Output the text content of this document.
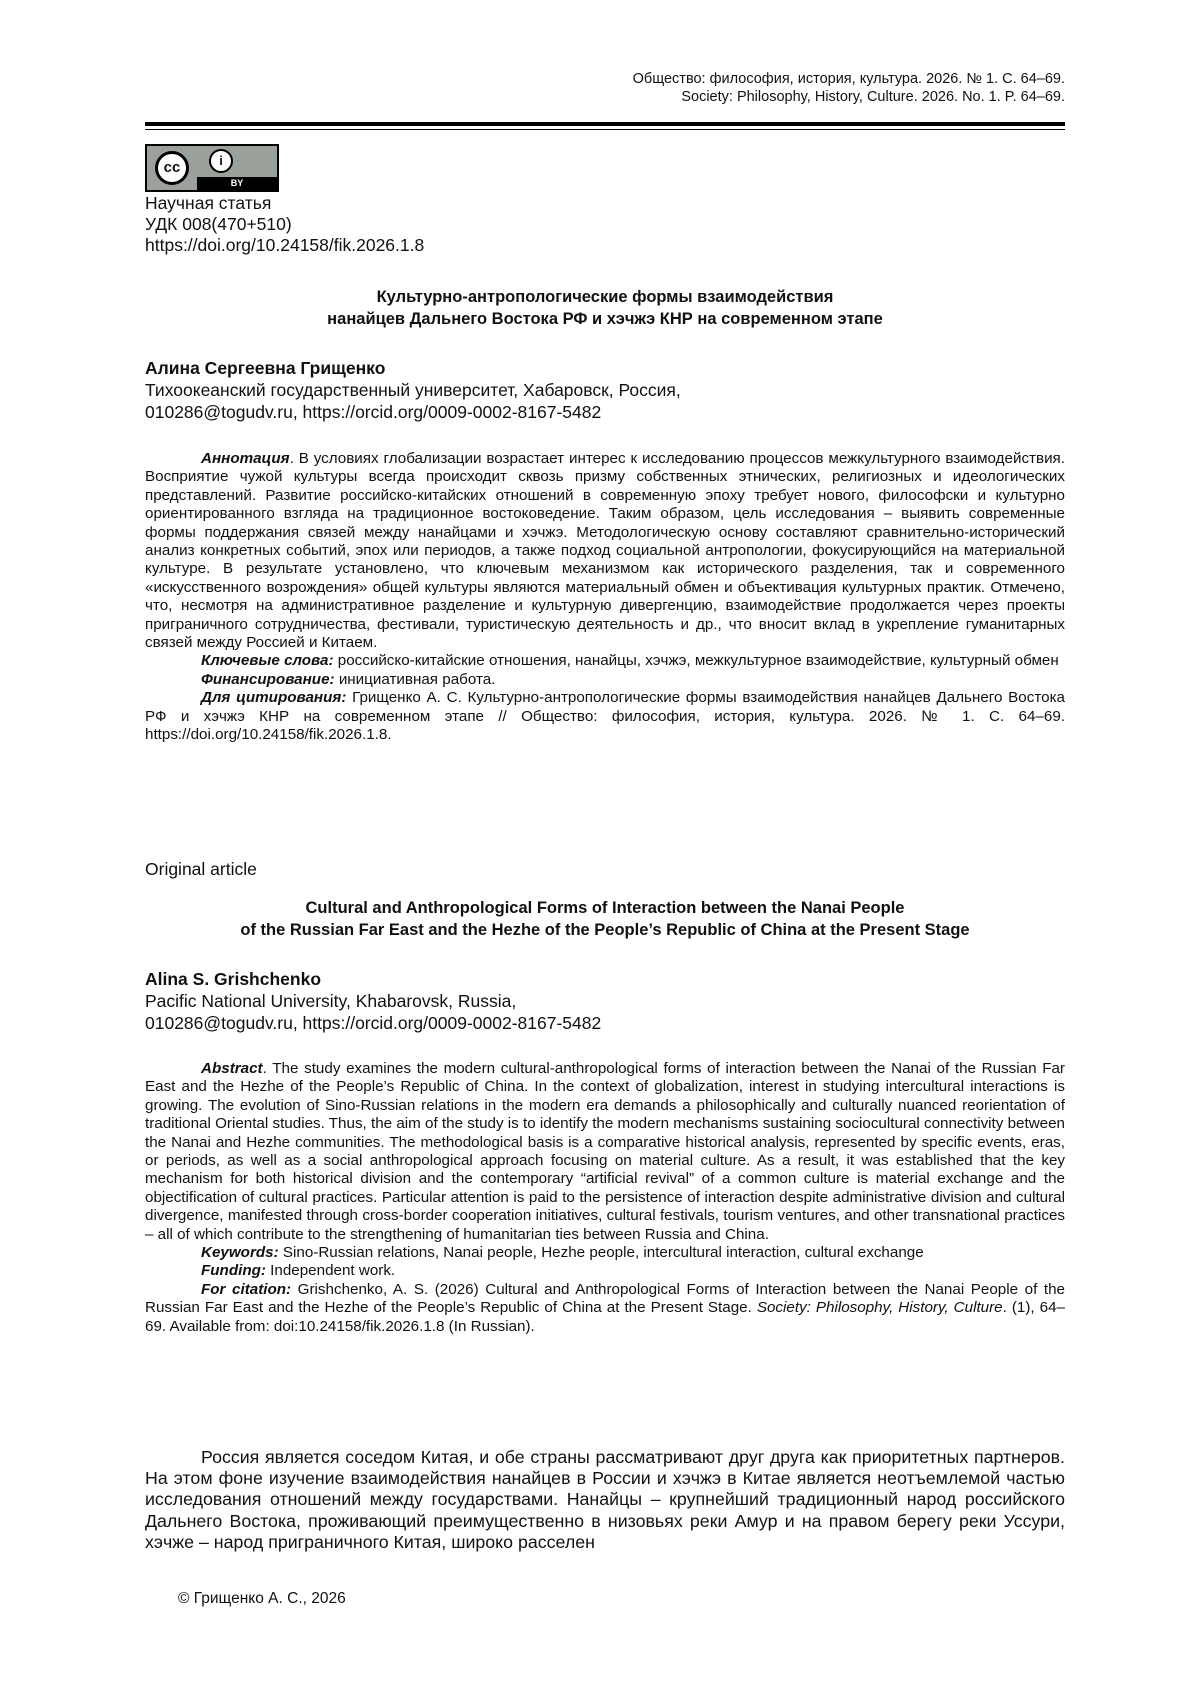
Общество: философия, история, культура. 2026. № 1. С. 64–69.
Society: Philosophy, History, Culture. 2026. No. 1. P. 64–69.
cc	i
BY
Научная статья
УДК 008(470+510)
https://doi.org/10.24158/fik.2026.1.8
Культурно-антропологические формы взаимодействия
нанайцев Дальнего Востока РФ и хэчжэ КНР на современном этапе
Алина Сергеевна Грищенко
Тихоокеанский государственный университет, Хабаровск, Россия,
010286@togudv.ru, https://orcid.org/0009-0002-8167-5482

Аннотация. В условиях глобализации возрастает интерес к исследованию процессов межкультурного взаимодействия. Восприятие чужой культуры всегда происходит сквозь призму собственных этнических, религиозных и идеологических представлений. Развитие российско-китайских отношений в современную эпоху требует нового, философски и культурно ориентированного взгляда на традиционное востоковедение. Таким образом, цель исследования – выявить современные формы поддержания связей между нанайцами и хэчжэ. Методологическую основу составляют сравнительно-исторический анализ конкретных событий, эпох или периодов, а также подход социальной антропологии, фокусирующийся на материальной культуре. В результате установлено, что ключевым механизмом как исторического разделения, так и современного «искусственного возрождения» общей культуры являются материальный обмен и объективация культурных практик. Отмечено, что, несмотря на административное разделение и культурную дивергенцию, взаимодействие продолжается через проекты приграничного сотрудничества, фестивали, туристическую деятельность и др., что вносит вклад в укрепление гуманитарных связей между Россией и Китаем.

Ключевые слова: российско-китайские отношения, нанайцы, хэчжэ, межкультурное взаимодействие, культурный обмен

Финансирование: инициативная работа.

Для цитирования: Грищенко А. С. Культурно-антропологические формы взаимодействия нанайцев Дальнего Востока РФ и хэчжэ КНР на современном этапе // Общество: философия, история, культура. 2026. № 1. С. 64–69. https://doi.org/10.24158/fik.2026.1.8.

Original article
Cultural and Anthropological Forms of Interaction between the Nanai People
of the Russian Far East and the Hezhe of the People’s Republic of China at the Present Stage
Alina S. Grishchenko
Pacific National University, Khabarovsk, Russia,
010286@togudv.ru, https://orcid.org/0009-0002-8167-5482

Abstract. The study examines the modern cultural-anthropological forms of interaction between the Nanai of the Russian Far East and the Hezhe of the People’s Republic of China. In the context of globalization, interest in studying intercultural interactions is growing. The evolution of Sino-Russian relations in the modern era demands a philosophically and culturally nuanced reorientation of traditional Oriental studies. Thus, the aim of the study is to identify the modern mechanisms sustaining sociocultural connectivity between the Nanai and Hezhe communities. The methodological basis is a comparative historical analysis, represented by specific events, eras, or periods, as well as a social anthropological approach focusing on material culture. As a result, it was established that the key mechanism for both historical division and the contemporary “artificial revival” of a common culture is material exchange and the objectification of cultural practices. Particular attention is paid to the persistence of interaction despite administrative division and cultural divergence, manifested through cross-border cooperation initiatives, cultural festivals, tourism ventures, and other transnational practices – all of which contribute to the strengthening of humanitarian ties between Russia and China.

Keywords: Sino-Russian relations, Nanai people, Hezhe people, intercultural interaction, cultural exchange

Funding: Independent work.

For citation: Grishchenko, A. S. (2026) Cultural and Anthropological Forms of Interaction between the Nanai People of the Russian Far East and the Hezhe of the People’s Republic of China at the Present Stage. Society: Philosophy, History, Culture. (1), 64–69. Available from: doi:10.24158/fik.2026.1.8 (In Russian).

Россия является соседом Китая, и обе страны рассматривают друг друга как приоритетных партнеров. На этом фоне изучение взаимодействия нанайцев в России и хэчжэ в Китае является неотъемлемой частью исследования отношений между государствами. Нанайцы – крупнейший традиционный народ российского Дальнего Востока, проживающий преимущественно в низовьях реки Амур и на правом берегу реки Уссури, хэчже – народ приграничного Китая, широко расселен

© Грищенко А. С., 2026
